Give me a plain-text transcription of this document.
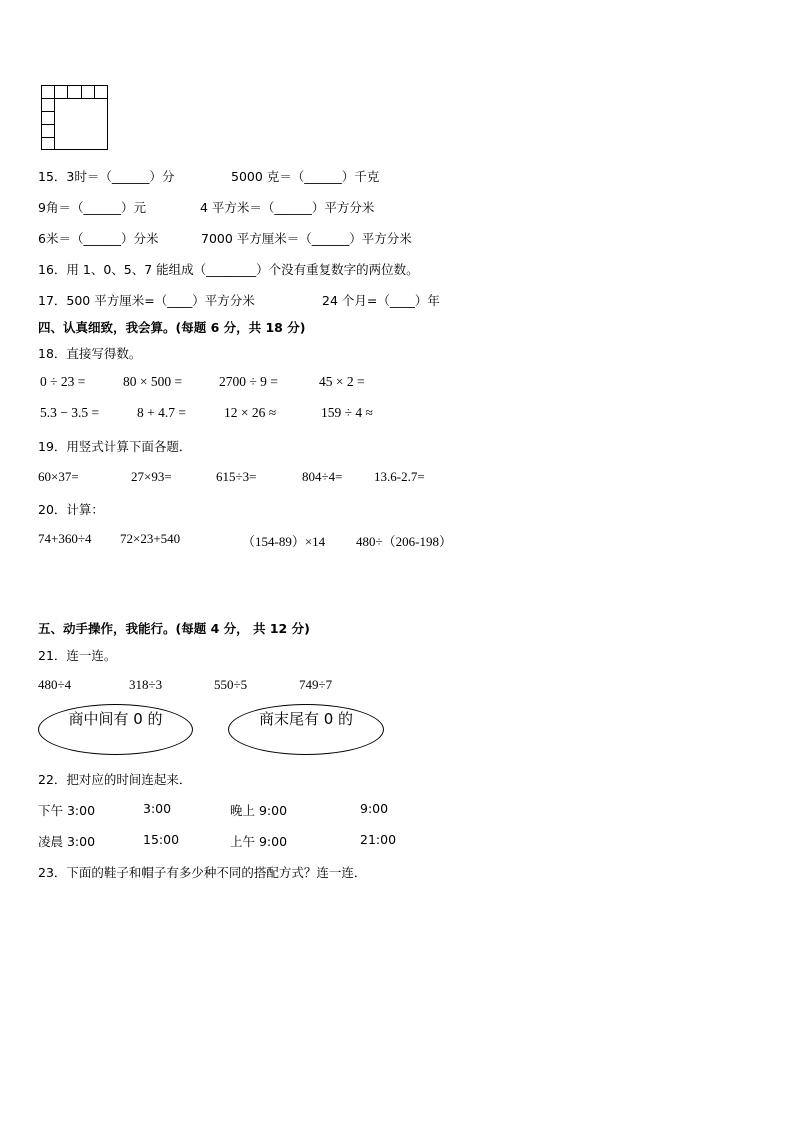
15．3时＝（______）分	5000 克＝（______）千克
9角＝（______）元	4 平方米＝（______）平方分米
6米＝（______）分米	7000 平方厘米＝（______）平方分米
16．用 1、0、5、7 能组成（________）个没有重复数字的两位数。
17．500 平方厘米=（____）平方分米	24 个月=（____）年
四、认真细致，我会算。(每题 6 分，共 18 分)
18．直接写得数。
0 ÷ 23 =	80 × 500 =	2700 ÷ 9 =	45 × 2 =
5.3 − 3.5 =	8 + 4.7 =	12 × 26 ≈	159 ÷ 4 ≈
19．用竖式计算下面各题．
60×37=	27×93=	615÷3=	804÷4= 13.6-2.7=
20．计算：
74+360÷4 72×23+540	（154-89）×14 480÷（206-198）
五、动手操作，我能行。(每题 4 分， 共 12 分)
21．连一连。
480÷4	318÷3	550÷5	749÷7
商中间有 0 的	商末尾有 0 的
22．把对应的时间连起来．
下午 3:00	3:00	晚上 9:00	9:00
凌晨 3:00	15:00	上午 9:00	21:00
23．下面的鞋子和帽子有多少种不同的搭配方式？连一连．
